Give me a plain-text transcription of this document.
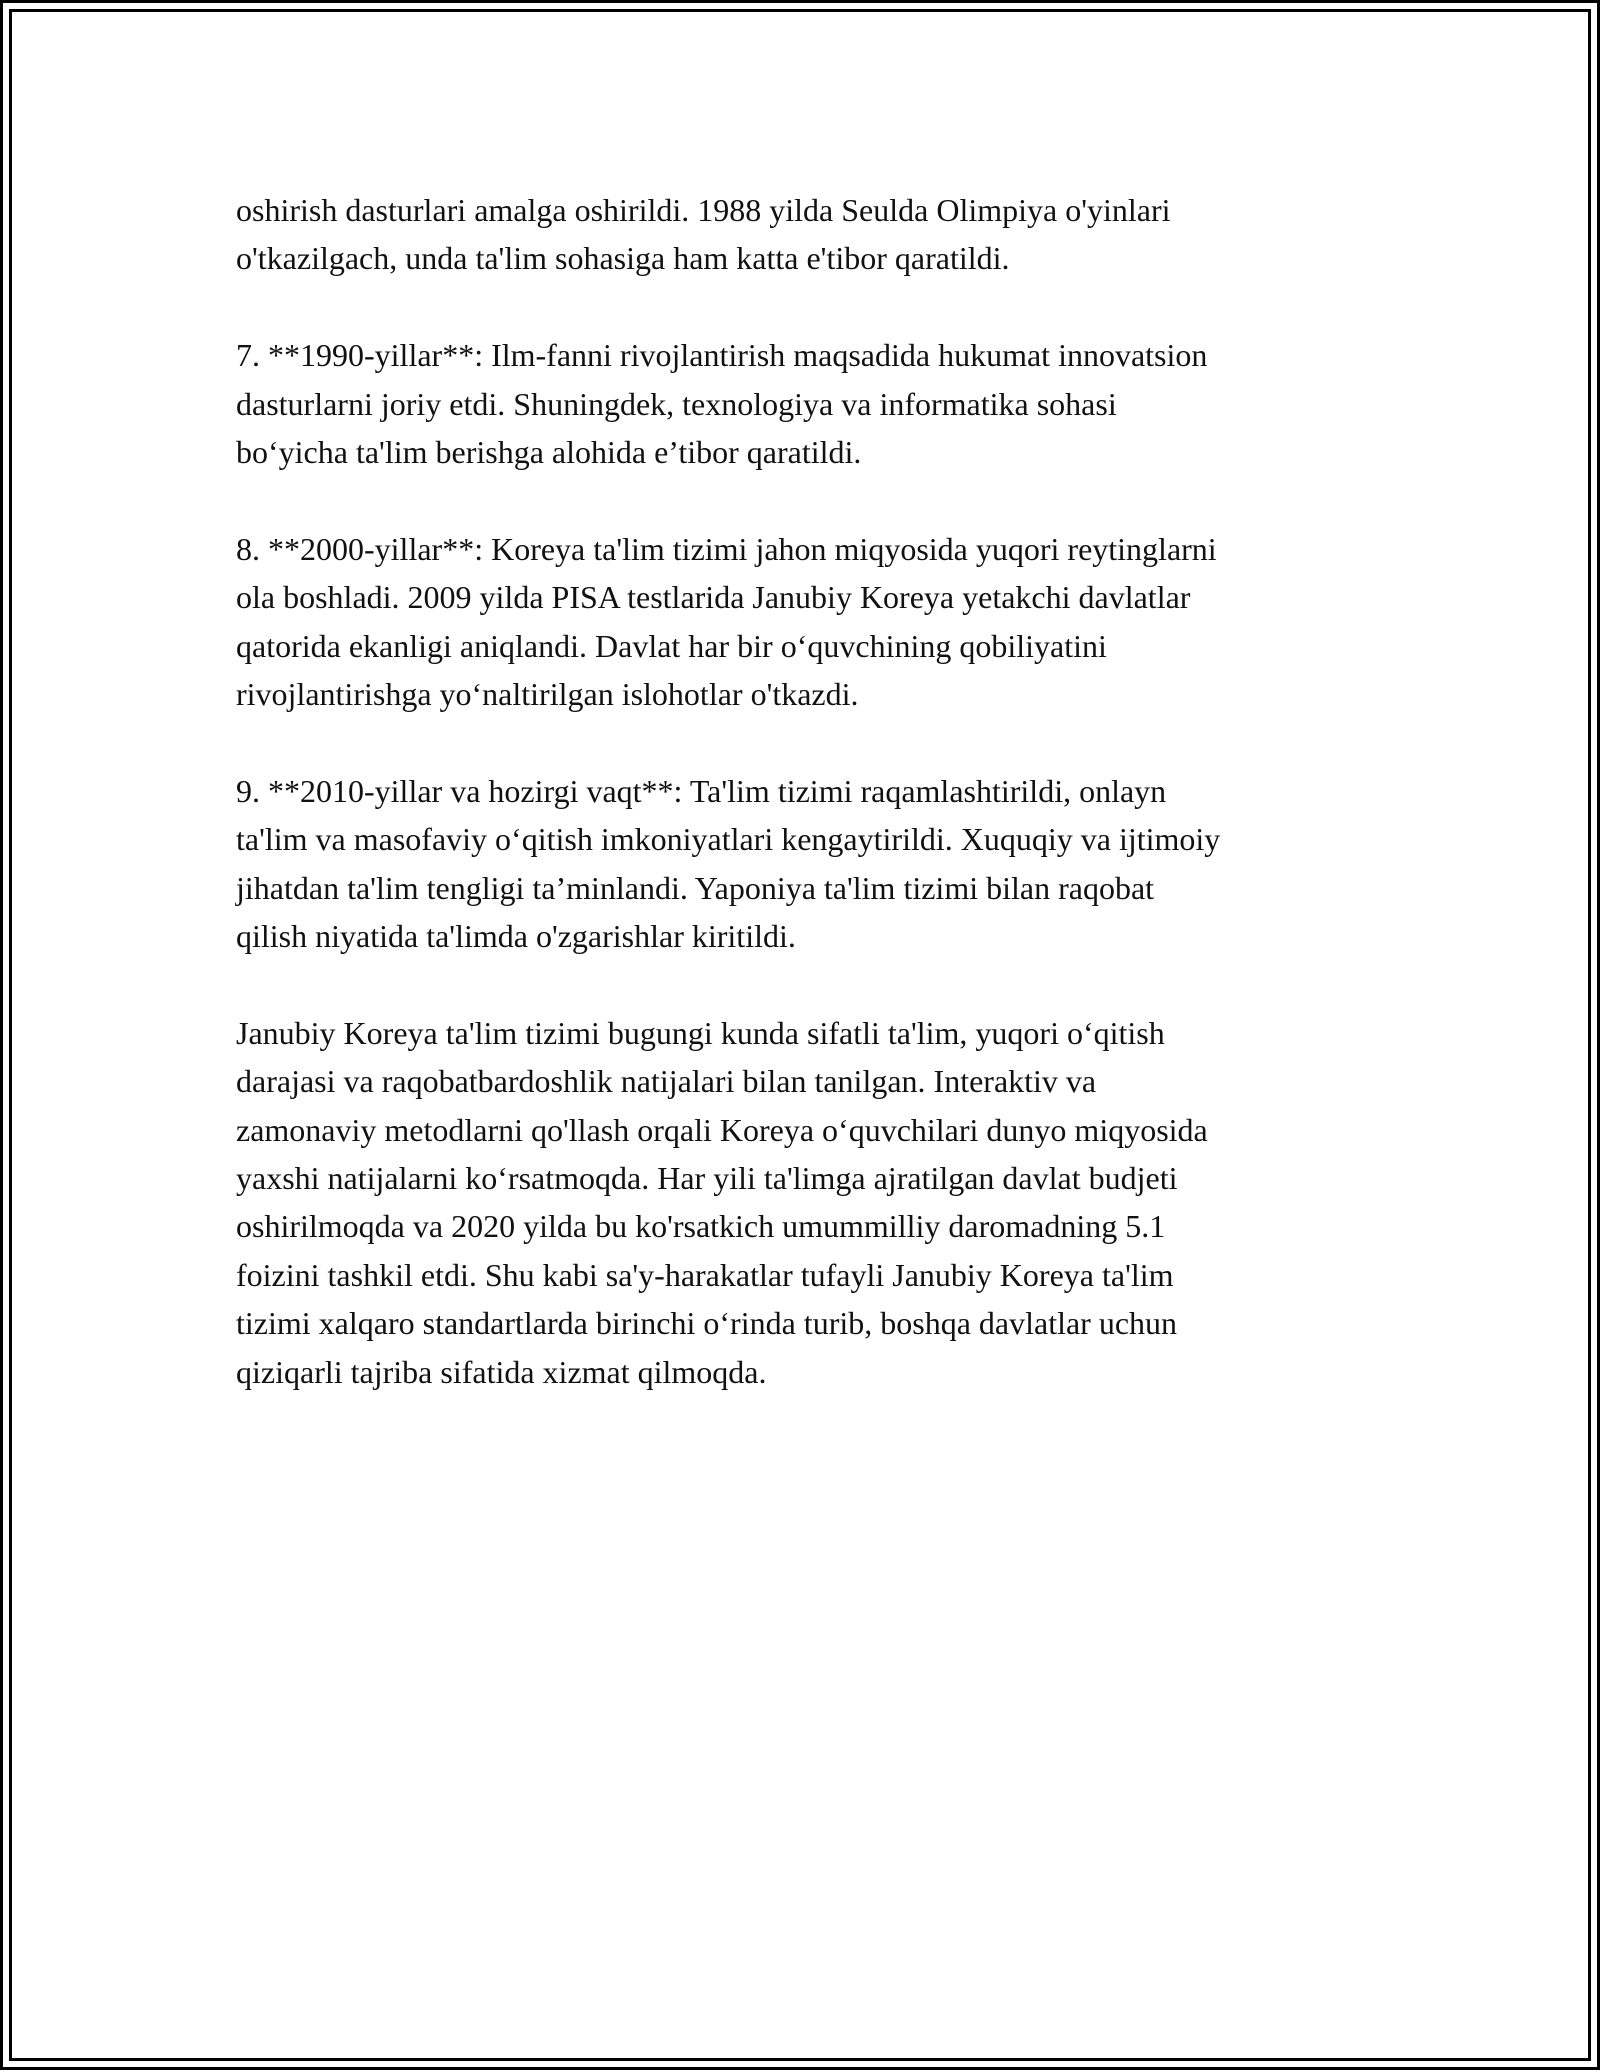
oshirish dasturlari amalga oshirildi. 1988 yilda Seulda Olimpiya o'yinlari
o'tkazilgach, unda ta'lim sohasiga ham katta e'tibor qaratildi.

7. **1990-yillar**: Ilm-fanni rivojlantirish maqsadida hukumat innovatsion
dasturlarni joriy etdi. Shuningdek, texnologiya va informatika sohasi
bo‘yicha ta'lim berishga alohida e’tibor qaratildi.

8. **2000-yillar**: Koreya ta'lim tizimi jahon miqyosida yuqori reytinglarni
ola boshladi. 2009 yilda PISA testlarida Janubiy Koreya yetakchi davlatlar
qatorida ekanligi aniqlandi. Davlat har bir o‘quvchining qobiliyatini
rivojlantirishga yo‘naltirilgan islohotlar o'tkazdi.

9. **2010-yillar va hozirgi vaqt**: Ta'lim tizimi raqamlashtirildi, onlayn
ta'lim va masofaviy o‘qitish imkoniyatlari kengaytirildi. Xuquqiy va ijtimoiy
jihatdan ta'lim tengligi ta’minlandi. Yaponiya ta'lim tizimi bilan raqobat
qilish niyatida ta'limda o'zgarishlar kiritildi.

Janubiy Koreya ta'lim tizimi bugungi kunda sifatli ta'lim, yuqori o‘qitish
darajasi va raqobatbardoshlik natijalari bilan tanilgan. Interaktiv va
zamonaviy metodlarni qo'llash orqali Koreya o‘quvchilari dunyo miqyosida
yaxshi natijalarni ko‘rsatmoqda. Har yili ta'limga ajratilgan davlat budjeti
oshirilmoqda va 2020 yilda bu ko'rsatkich umummilliy daromadning 5.1
foizini tashkil etdi. Shu kabi sa'y-harakatlar tufayli Janubiy Koreya ta'lim
tizimi xalqaro standartlarda birinchi o‘rinda turib, boshqa davlatlar uchun
qiziqarli tajriba sifatida xizmat qilmoqda.
